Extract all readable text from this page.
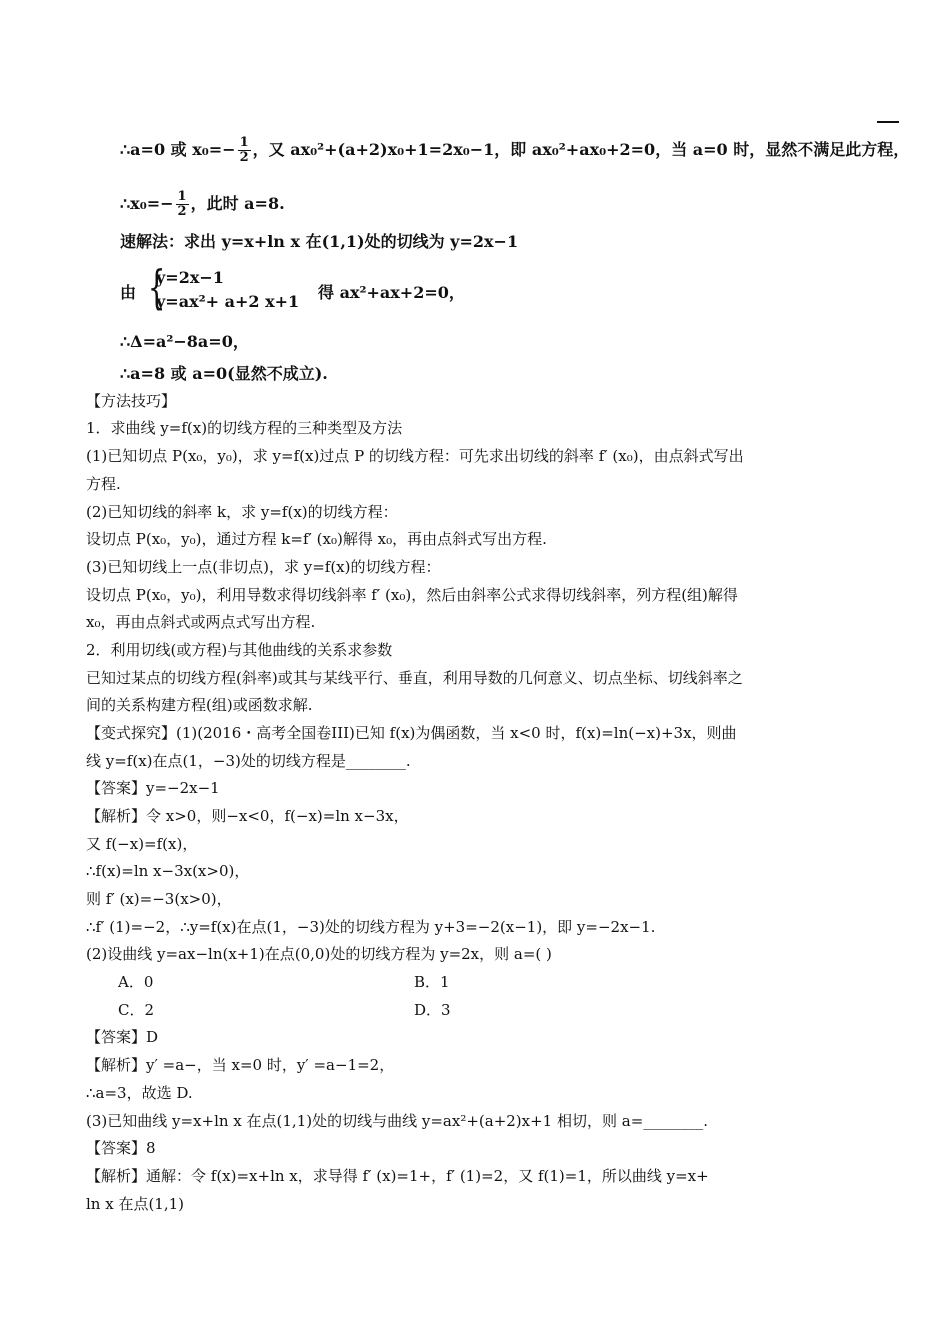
∴a=0 或 $x_0=- \frac{1}{2}$ ，又 ax₀²+(a+2)x₀+1=2x₀−1，即 ax₀²+ax₀+2=0，当 a=0 时，显然不满足此方程，
∴x₀=− $\frac{1}{2}$ ，此时 a=8.
速解法：求出 y=x+ln x 在(1,1)处的切线为 y=2x−1
由 {
y=2x−1
y=ax²+ a+2 x+1 得 ax²+ax+2=0，
∴Δ=a²−8a=0，
∴a=8 或 a=0(显然不成立).
【方法技巧】
1．求曲线 y=f(x)的切线方程的三种类型及方法
(1)已知切点 P(x₀，y₀)，求 y=f(x)过点 P 的切线方程：可先求出切线的斜率 f′ (x₀)，由点斜式写出
方程.
(2)已知切线的斜率 k，求 y=f(x)的切线方程：
设切点 P(x₀，y₀)，通过方程 k=f′ (x₀)解得 x₀，再由点斜式写出方程.
(3)已知切线上一点(非切点)，求 y=f(x)的切线方程：
设切点 P(x₀，y₀)，利用导数求得切线斜率 f′ (x₀)，然后由斜率公式求得切线斜率，列方程(组)解得
x₀，再由点斜式或两点式写出方程.
2．利用切线(或方程)与其他曲线的关系求参数
已知过某点的切线方程(斜率)或其与某线平行、垂直，利用导数的几何意义、切点坐标、切线斜率之
间的关系构建方程(组)或函数求解.
【变式探究】(1)(2016・高考全国卷III)已知 f(x)为偶函数，当 x<0 时，f(x)=ln(−x)+3x，则曲
线 y=f(x)在点(1，−3)处的切线方程是________.
【答案】y=−2x−1
【解析】令 x>0，则−x<0，f(−x)=ln x−3x，
又 f(−x)=f(x)，
∴f(x)=ln x−3x(x>0)，
则 f′ (x)=−3(x>0)，
∴f′ (1)=−2，∴y=f(x)在点(1，−3)处的切线方程为 y+3=−2(x−1)，即 y=−2x−1.
(2)设曲线 y=ax−ln(x+1)在点(0,0)处的切线方程为 y=2x，则 a=( )
A．0	B．1
C．2	D．3
【答案】D
【解析】y′ =a−，当 x=0 时，y′ =a−1=2，
∴a=3，故选 D.
(3)已知曲线 y=x+ln x 在点(1,1)处的切线与曲线 y=ax²+(a+2)x+1 相切，则 a=________.
【答案】8
【解析】通解：令 f(x)=x+ln x，求导得 f′ (x)=1+，f′ (1)=2，又 f(1)=1，所以曲线 y=x+
ln x 在点(1,1)
